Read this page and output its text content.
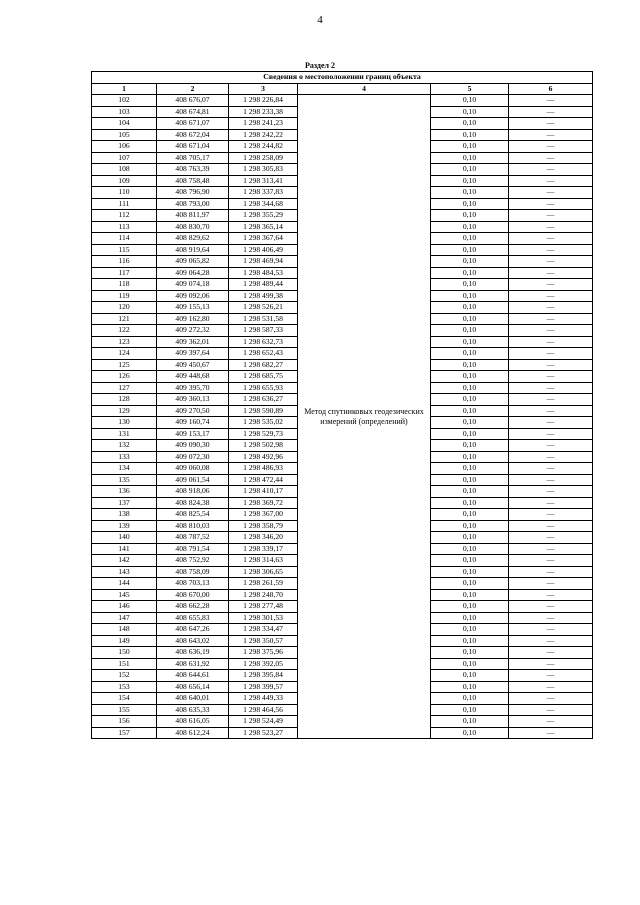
4
Раздел 2
Сведения о местоположении границ объекта					
1	2	3	4	5	6
102	408 676,07	1 298 226,84	Метод спутниковых геодезических измерений (определений)	0,10	—
103	408 674,81	1 298 233,38		0,10	—
104	408 671,07	1 298 241,23		0,10	—
105	408 672,04	1 298 242,22		0,10	—
106	408 671,04	1 298 244,82		0,10	—
107	408 705,17	1 298 258,09		0,10	—
108	408 763,39	1 298 305,83		0,10	—
109	408 758,48	1 298 313,41		0,10	—
110	408 796,90	1 298 337,83		0,10	—
111	408 793,00	1 298 344,68		0,10	—
112	408 811,97	1 298 355,29		0,10	—
113	408 830,70	1 298 365,14		0,10	—
114	408 829,62	1 298 367,64		0,10	—
115	408 919,64	1 298 406,49		0,10	—
116	409 065,82	1 298 469,94		0,10	—
117	409 064,28	1 298 484,53		0,10	—
118	409 074,18	1 298 489,44		0,10	—
119	409 092,06	1 298 499,38		0,10	—
120	409 155,13	1 298 526,21		0,10	—
121	409 162,80	1 298 531,58		0,10	—
122	409 272,32	1 298 587,33		0,10	—
123	409 362,01	1 298 632,73		0,10	—
124	409 397,64	1 298 652,43		0,10	—
125	409 450,67	1 298 682,27		0,10	—
126	409 448,68	1 298 685,75		0,10	—
127	409 395,70	1 298 655,93		0,10	—
128	409 360,13	1 298 636,27		0,10	—
129	409 270,50	1 298 590,89		0,10	—
130	409 160,74	1 298 535,02		0,10	—
131	409 153,17	1 298 529,73		0,10	—
132	409 090,30	1 298 502,98		0,10	—
133	409 072,30	1 298 492,96		0,10	—
134	409 060,08	1 298 486,93		0,10	—
135	409 061,54	1 298 472,44		0,10	—
136	408 918,06	1 298 410,17		0,10	—
137	408 824,38	1 298 369,72		0,10	—
138	408 825,54	1 298 367,00		0,10	—
139	408 810,03	1 298 358,79		0,10	—
140	408 787,52	1 298 346,20		0,10	—
141	408 791,54	1 298 339,17		0,10	—
142	408 752,92	1 298 314,63		0,10	—
143	408 758,09	1 298 306,65		0,10	—
144	408 703,13	1 298 261,59		0,10	—
145	408 670,00	1 298 248,70		0,10	—
146	408 662,28	1 298 277,48		0,10	—
147	408 655,83	1 298 301,53		0,10	—
148	408 647,26	1 298 334,47		0,10	—
149	408 643,02	1 298 350,57		0,10	—
150	408 636,19	1 298 375,96		0,10	—
151	408 631,92	1 298 392,05		0,10	—
152	408 644,61	1 298 395,84		0,10	—
153	408 656,14	1 298 399,57		0,10	—
154	408 640,01	1 298 449,33		0,10	—
155	408 635,33	1 298 464,56		0,10	—
156	408 616,05	1 298 524,49		0,10	—
157	408 612,24	1 298 523,27		0,10	—
